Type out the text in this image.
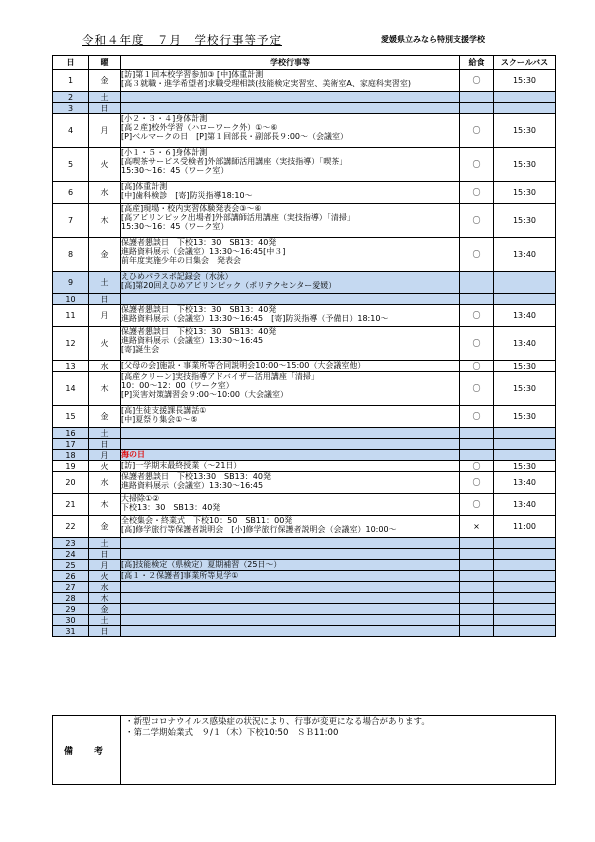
令和４年度　７月　学校行事等予定	愛媛県立みなら特別支援学校
日	曜	学校行事等	給食	スクールバス
1	金	[訪]第１回本校学習参加③ [中]体重計測
[高３就職・進学希望者]求職受理相談(技能検定実習室、美術室A、家庭科実習室)	〇	15:30
2	土			
3	日			
4	月	[小２・３・４]身体計測
[高２産]校外学習（ハローワーク外）①～⑥
[P]ベルマークの日　[P]第１回部長・副部長９:00～（会議室）	〇	15:30
5	火	[小１・５・６]身体計測
[高喫茶サービス受検者]外部講師活用講座（実技指導）「喫茶」
15:30～16：45（ワーク室）	〇	15:30
6	水	[高]体重計測
[中]歯科検診　[寄]防災指導18:10～	〇	15:30
7	木	[高産]現場・校内実習体験発表会③～⑥
[高アビリンピック出場者]外部講師活用講座（実技指導）「清掃」
15:30～16：45（ワーク室）	〇	15:30
8	金	保護者懇談日　下校13：30　SB13：40発
進路資料展示（会議室）13:30～16:45[中３]
前年度実施少年の日集会　発表会	〇	13:40
9	土	えひめパラスポ記録会（水泳）
[高]第20回えひめアビリンピック（ポリテクセンター愛媛）		

10	日			
11	月	保護者懇談日　下校13：30　SB13：40発
進路資料展示（会議室）13:30～16:45　[寄]防災指導（予備日）18:10～	〇	13:40
12	火	保護者懇談日　下校13：30　SB13：40発
進路資料展示（会議室）13:30～16:45
[寄]誕生会	〇	13:40
13	水	[父母の会]施設・事業所等合同説明会10:00～15:00（大会議室他）	〇	15:30
14	木	[高産クリーン]実技指導アドバイザー活用講座「清掃」
10：00～12：00（ワーク室）
[P]災害対策講習会９:00～10:00（大会議室）	〇	15:30
15	金	[高]生徒支援課長講話①
[中]夏祭り集会①～⑤	〇	15:30
16	土			
17	日			
18	月	海の日		

19	火	[訪]一学期末最終授業（～21日）	〇	15:30
20	水	保護者懇談日　下校13:30　SB13：40発
進路資料展示（会議室）13:30～16:45	〇	13:40
21	木	大掃除①②
下校13：30　SB13：40発	〇	13:40
22	金	全校集会・終業式　下校10：50　SB11：00発
[高]修学旅行等保護者説明会　[小]修学旅行保護者説明会（会議室）10:00～	×	11:00
23	土			
24	日			
25	月	[高]技能検定（県検定）夏期補習（25日～）		

26	火	[高１・２保護者]事業所等見学①		

27	水			
28	木			
29	金			
30	土			
31	日			
備　考	
・新型コロナウイルス感染症の状況により、行事が変更になる場合があります。
・第二学期始業式　９/１（木）下校10:50　ＳＢ11:00
